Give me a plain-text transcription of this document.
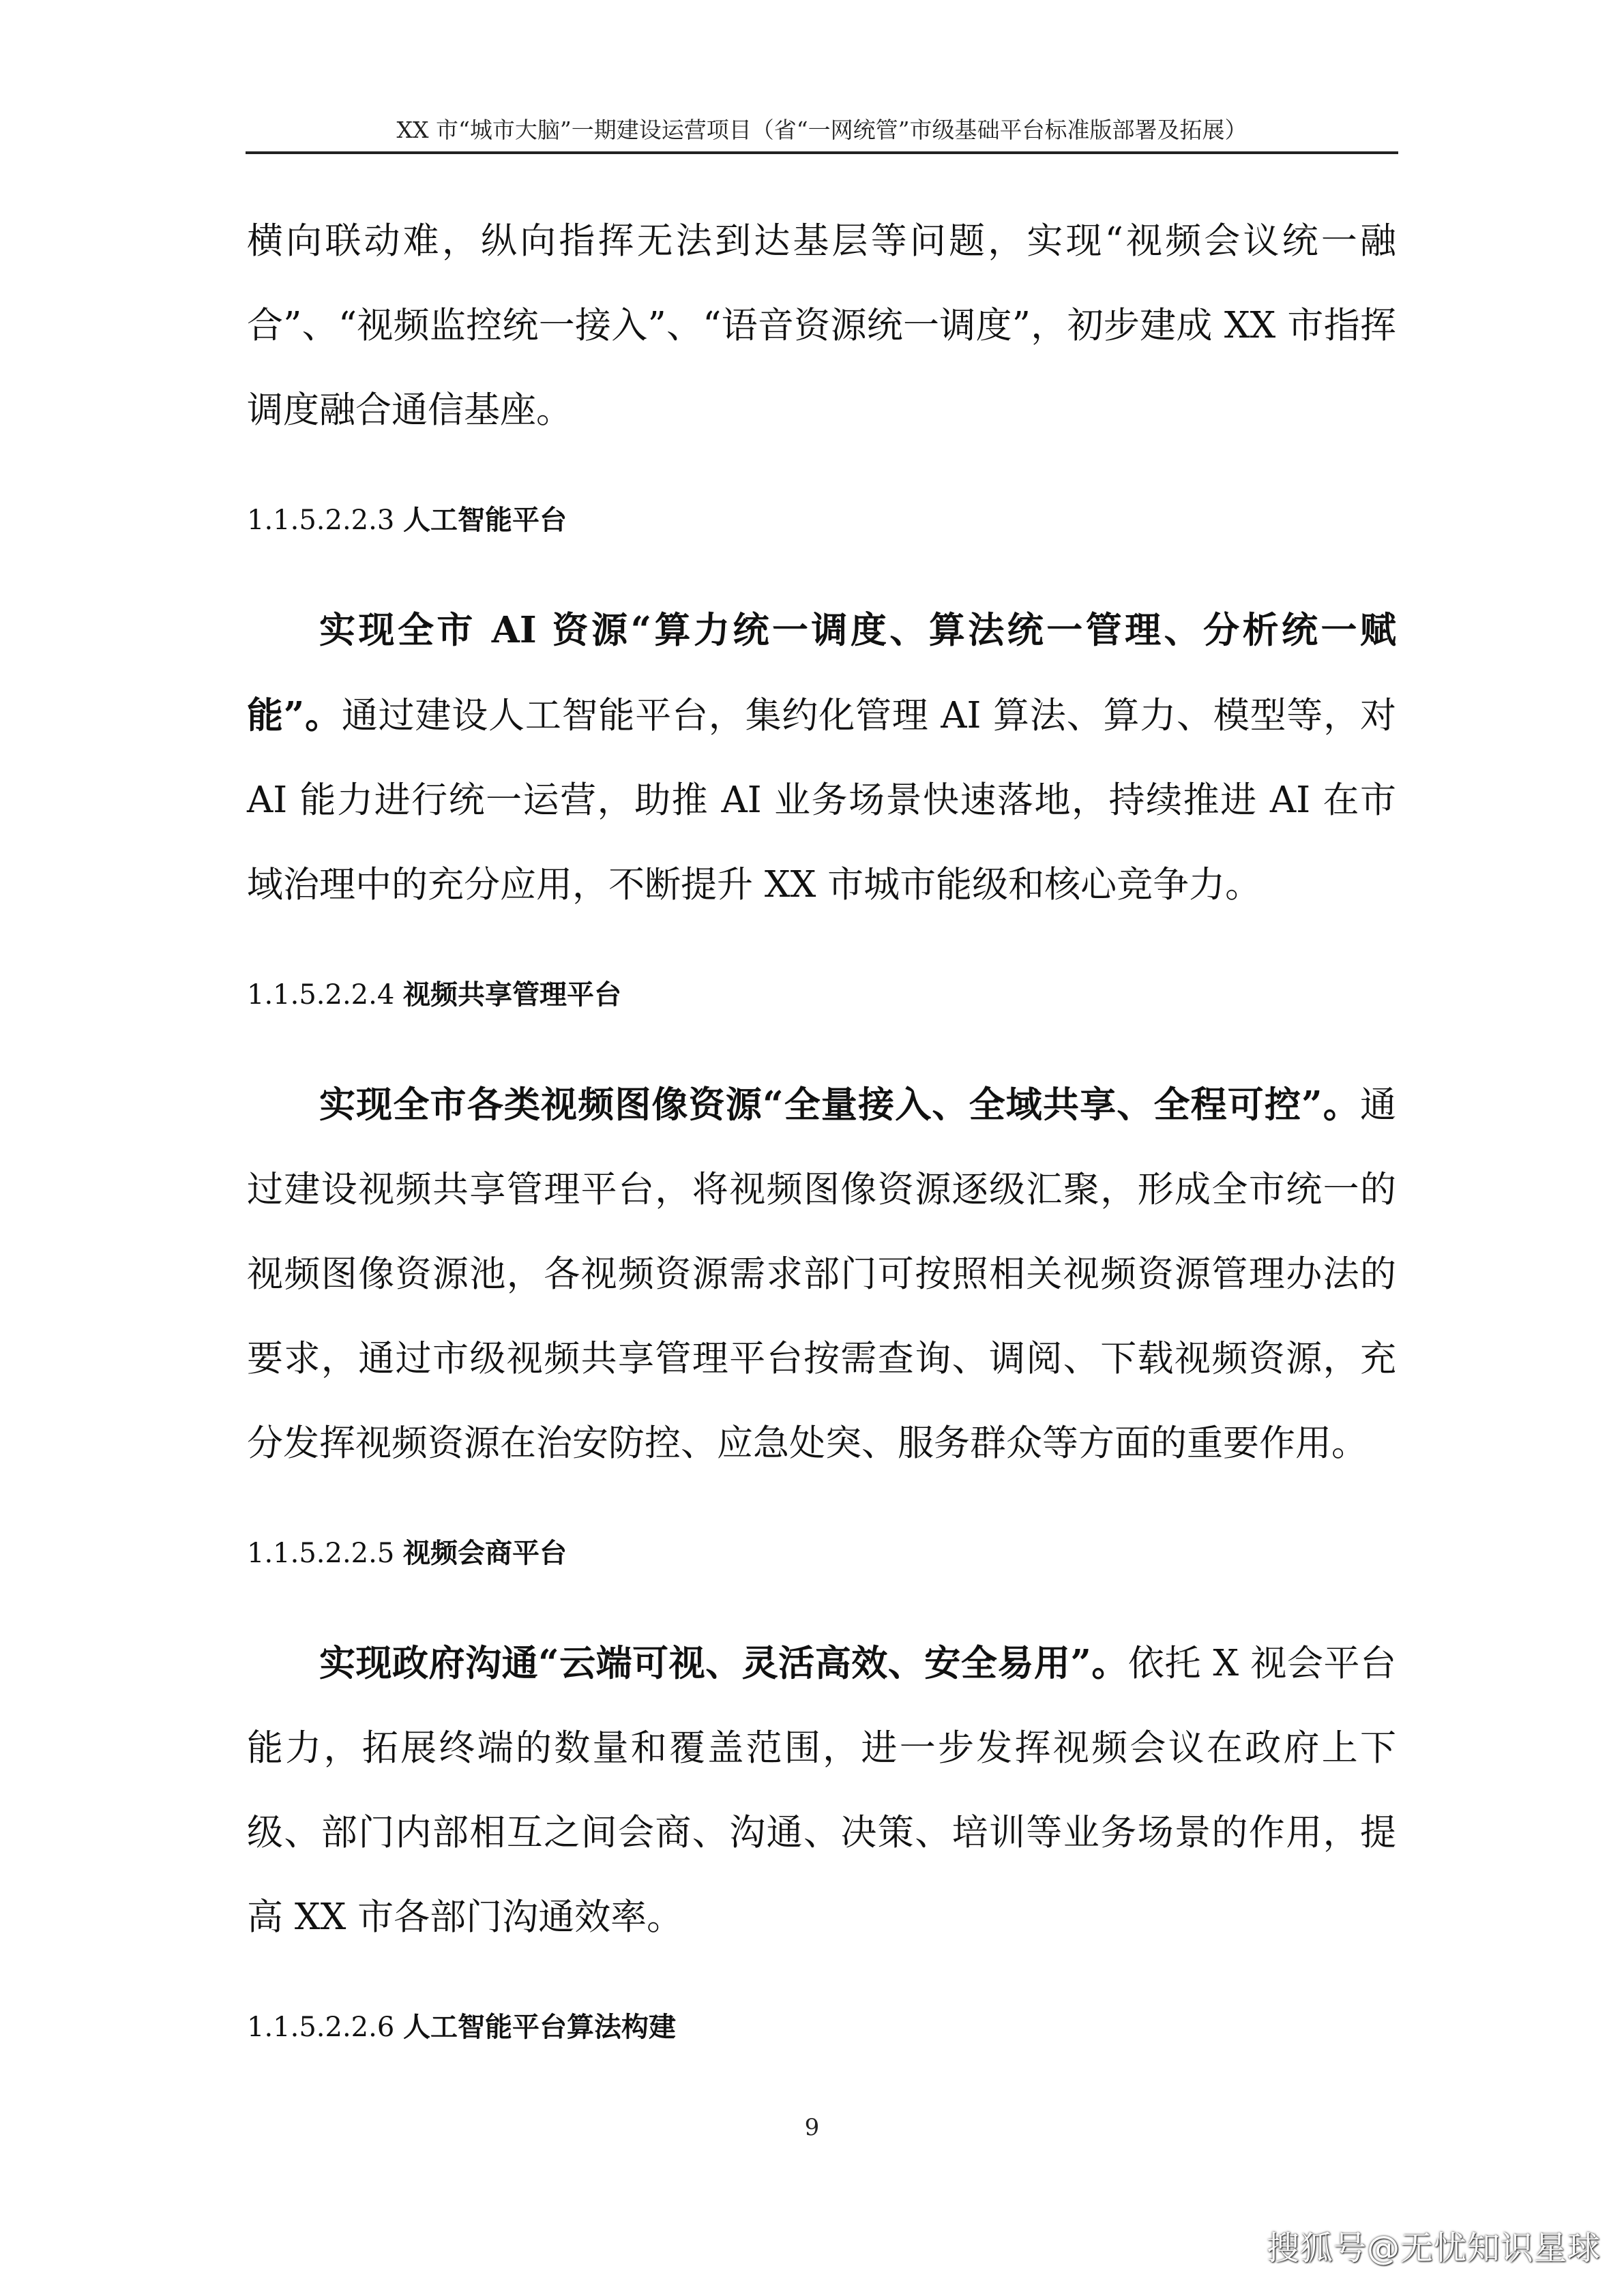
XX 市“城市大脑”一期建设运营项目（省“一网统管”市级基础平台标准版部署及拓展）

横向联动难，纵向指挥无法到达基层等问题，实现“视频会议统一融合”、“视频监控统一接入”、“语音资源统一调度”，初步建成 XX 市指挥调度融合通信基座。

1.1.5.2.2.3 人工智能平台

实现全市 AI 资源“算力统一调度、算法统一管理、分析统一赋能”。通过建设人工智能平台，集约化管理 AI 算法、算力、模型等，对 AI 能力进行统一运营，助推 AI 业务场景快速落地，持续推进 AI 在市域治理中的充分应用，不断提升 XX 市城市能级和核心竞争力。

1.1.5.2.2.4 视频共享管理平台

实现全市各类视频图像资源“全量接入、全域共享、全程可控”。通过建设视频共享管理平台，将视频图像资源逐级汇聚，形成全市统一的视频图像资源池，各视频资源需求部门可按照相关视频资源管理办法的要求，通过市级视频共享管理平台按需查询、调阅、下载视频资源，充分发挥视频资源在治安防控、应急处突、服务群众等方面的重要作用。

1.1.5.2.2.5 视频会商平台

实现政府沟通“云端可视、灵活高效、安全易用”。依托 X 视会平台能力，拓展终端的数量和覆盖范围，进一步发挥视频会议在政府上下级、部门内部相互之间会商、沟通、决策、培训等业务场景的作用，提高 XX 市各部门沟通效率。

1.1.5.2.2.6 人工智能平台算法构建
9
搜狐号@无忧知识星球
